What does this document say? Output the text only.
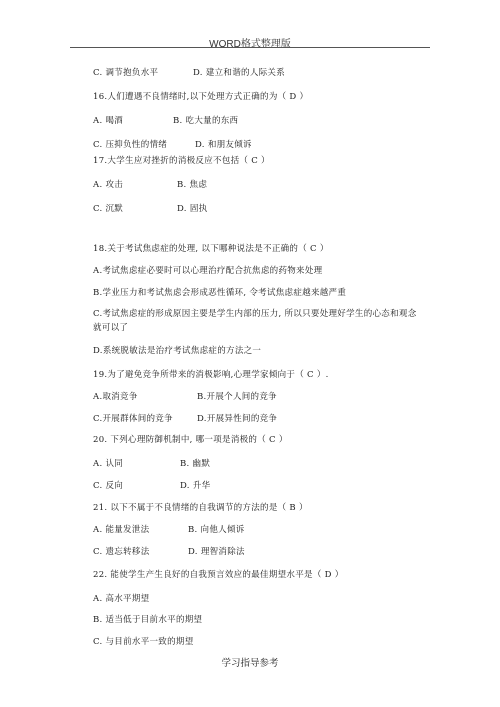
WORD格式整理版
C. 调节抱负水平	D. 建立和谐的人际关系
16.人们遭遇不良情绪时,以下处理方式正确的为（ D ）
A. 喝酒	B. 吃大量的东西
C. 压抑负性的情绪	D. 和朋友倾诉
17.大学生应对挫折的消极反应不包括（ C ）
A. 攻击	B. 焦虑
C. 沉默	D. 固执
18.关于考试焦虑症的处理, 以下哪种说法是不正确的（ C ）
A.考试焦虑症必要时可以心理治疗配合抗焦虑的药物来处理
B.学业压力和考试焦虑会形成恶性循环, 令考试焦虑症越来越严重
C.考试焦虑症的形成原因主要是学生内部的压力, 所以只要处理好学生的心态和观念
就可以了
D.系统脱敏法是治疗考试焦虑症的方法之一
19.为了避免竞争所带来的消极影响,心理学家倾向于（ C ）.
A.取消竞争	B.开展个人间的竞争
C.开展群体间的竞争	D.开展异性间的竞争
20. 下列心理防御机制中, 哪一项是消极的（ C ）
A. 认同	B. 幽默
C. 反向	D. 升华
21. 以下不属于不良情绪的自我调节的方法的是（ B ）
A. 能量发泄法	B. 向他人倾诉
C. 遗忘转移法	D. 理智消除法
22. 能使学生产生良好的自我预言效应的最佳期望水平是（ D ）
A. 高水平期望
B. 适当低于目前水平的期望
C. 与目前水平一致的期望
学习指导参考
